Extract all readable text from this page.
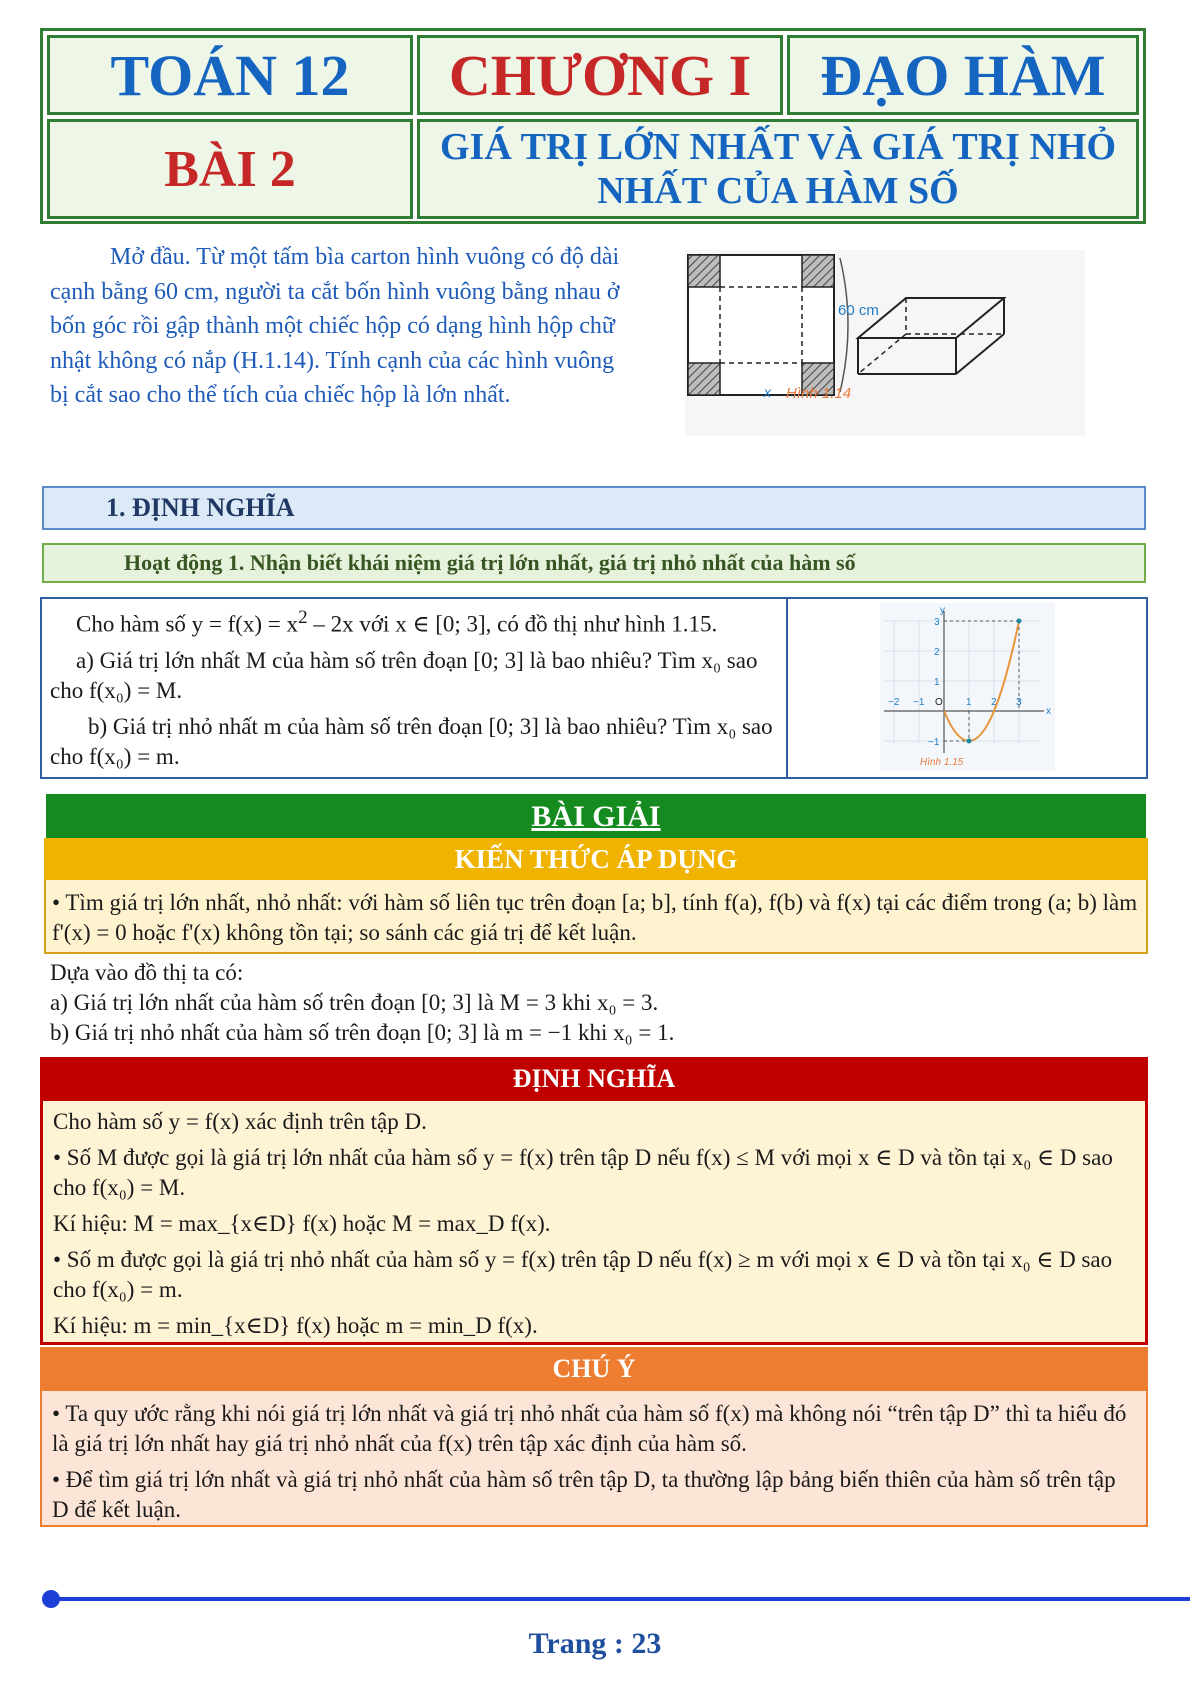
TOÁN 12	CHƯƠNG I	ĐẠO HÀM
BÀI 2	GIÁ TRỊ LỚN NHẤT VÀ GIÁ TRỊ NHỎ
NHẤT CỦA HÀM SỐ
Mở đầu. Từ một tấm bìa carton hình vuông có độ dài cạnh bằng 60 cm, người ta cắt bốn hình vuông bằng nhau ở bốn góc rồi gập thành một chiếc hộp có dạng hình hộp chữ nhật không có nắp (H.1.14). Tính cạnh của các hình vuông bị cắt sao cho thể tích của chiếc hộp là lớn nhất.
60 cm
x Hình 1.14
1. ĐỊNH NGHĨA
Hoạt động 1. Nhận biết khái niệm giá trị lớn nhất, giá trị nhỏ nhất của hàm số

Cho hàm số $y = f(x) = x^2 - 2x$ với x ∈ [0; 3], có đồ thị như hình 1.15.

a) Giá trị lớn nhất M của hàm số trên đoạn [0; 3] là bao nhiêu? Tìm x₀ sao cho f(x₀) = M.

b) Giá trị nhỏ nhất m của hàm số trên đoạn [0; 3] là bao nhiêu? Tìm x₀ sao cho f(x₀) = m.

y
x
O
−2 −1	1 2 3
3
2
1
−1
Hình 1.15
BÀI GIẢI
KIẾN THỨC ÁP DỤNG
• Tìm giá trị lớn nhất, nhỏ nhất: với hàm số liên tục trên đoạn [a; b], tính f(a), f(b) và f(x) tại các điểm trong (a; b) làm f'(x) = 0 hoặc f'(x) không tồn tại; so sánh các giá trị để kết luận.
Dựa vào đồ thị ta có:
a) Giá trị lớn nhất của hàm số trên đoạn [0; 3] là M = 3 khi x₀ = 3.
b) Giá trị nhỏ nhất của hàm số trên đoạn [0; 3] là m = −1 khi x₀ = 1.
ĐỊNH NGHĨA

Cho hàm số y = f(x) xác định trên tập D.

• Số M được gọi là giá trị lớn nhất của hàm số y = f(x) trên tập D nếu f(x) ≤ M với mọi x ∈ D và tồn tại x₀ ∈ D sao cho f(x₀) = M.

Kí hiệu: M = max_{x∈D} f(x) hoặc M = max_D f(x).

• Số m được gọi là giá trị nhỏ nhất của hàm số y = f(x) trên tập D nếu f(x) ≥ m với mọi x ∈ D và tồn tại x₀ ∈ D sao cho f(x₀) = m.

Kí hiệu: m = min_{x∈D} f(x) hoặc m = min_D f(x).

CHÚ Ý

• Ta quy ước rằng khi nói giá trị lớn nhất và giá trị nhỏ nhất của hàm số f(x) mà không nói “trên tập D” thì ta hiểu đó là giá trị lớn nhất hay giá trị nhỏ nhất của f(x) trên tập xác định của hàm số.

• Để tìm giá trị lớn nhất và giá trị nhỏ nhất của hàm số trên tập D, ta thường lập bảng biến thiên của hàm số trên tập D để kết luận.

Trang : 23
